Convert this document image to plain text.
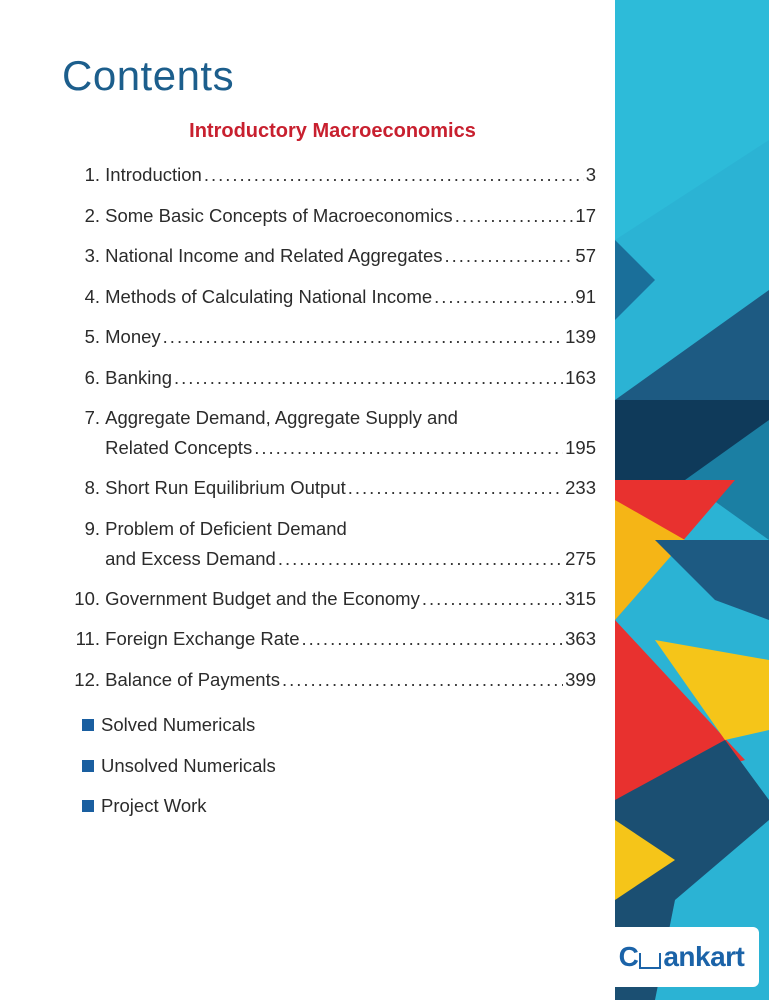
Contents
Introductory Macroeconomics
1.
Introduction .....	3
2.
Some Basic Concepts of Macroeconomics .....	17
3.
National Income and Related Aggregates .....	57
4.
Methods of Calculating National Income .....	91
5.
Money .....	139
6.
Banking .....	163
7.
Aggregate Demand, Aggregate Supply and

Related Concepts .....	195
8.
Short Run Equilibrium Output .....	233
9.
Problem of Deficient Demand

and Excess Demand .....	275
10.
Government Budget and the Economy .....	315
11.
Foreign Exchange Rate .....	363
12.
Balance of Payments .....	399
Solved Numericals
Unsolved Numericals
Project Work
C ankart
